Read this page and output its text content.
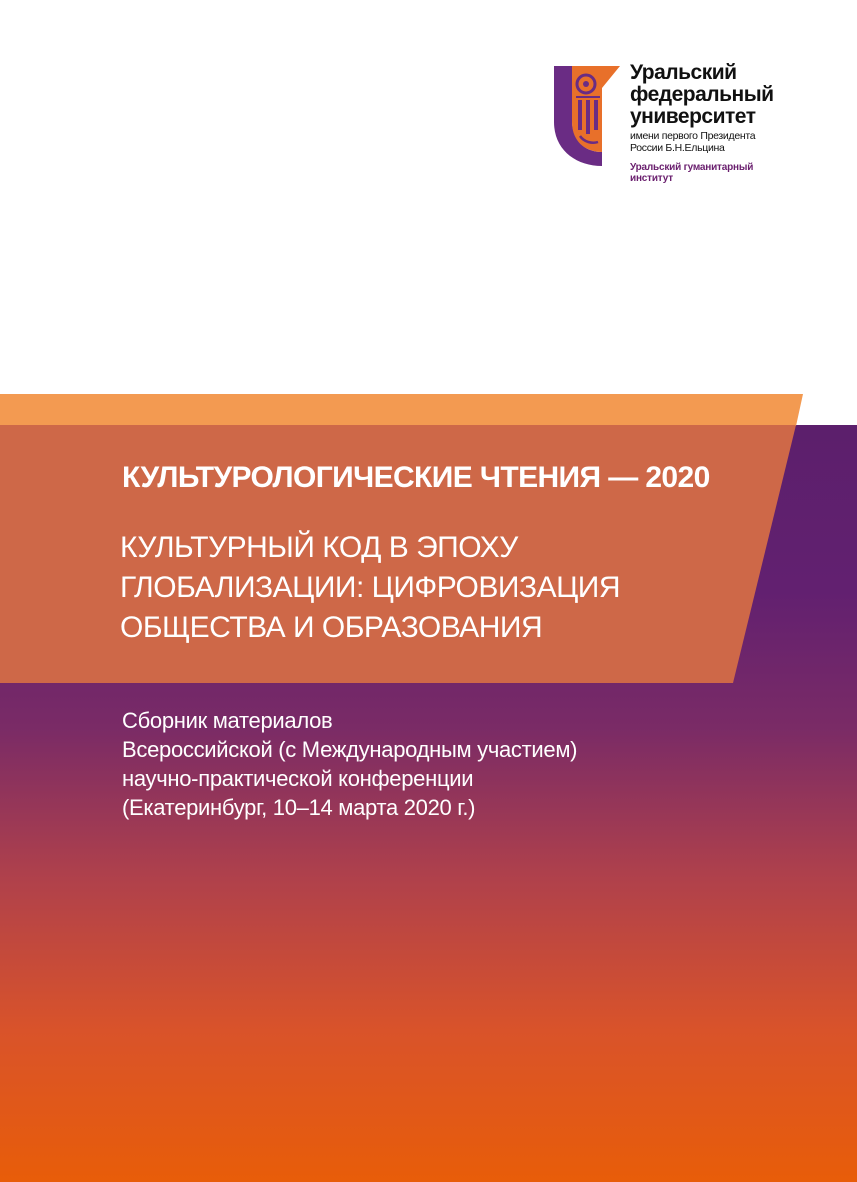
Уральский
федеральный
университет

имени первого Президента
России Б.Н.Ельцина

Уральский гуманитарный
институт

КУЛЬТУРОЛОГИЧЕСКИЕ ЧТЕНИЯ — 2020

КУЛЬТУРНЫЙ КОД В ЭПОХУ
ГЛОБАЛИЗАЦИИ: ЦИФРОВИЗАЦИЯ
ОБЩЕСТВА И ОБРАЗОВАНИЯ

Сборник материалов
Всероссийской (с Международным участием)
научно-практической конференции
(Екатеринбург, 10–14 марта 2020 г.)
